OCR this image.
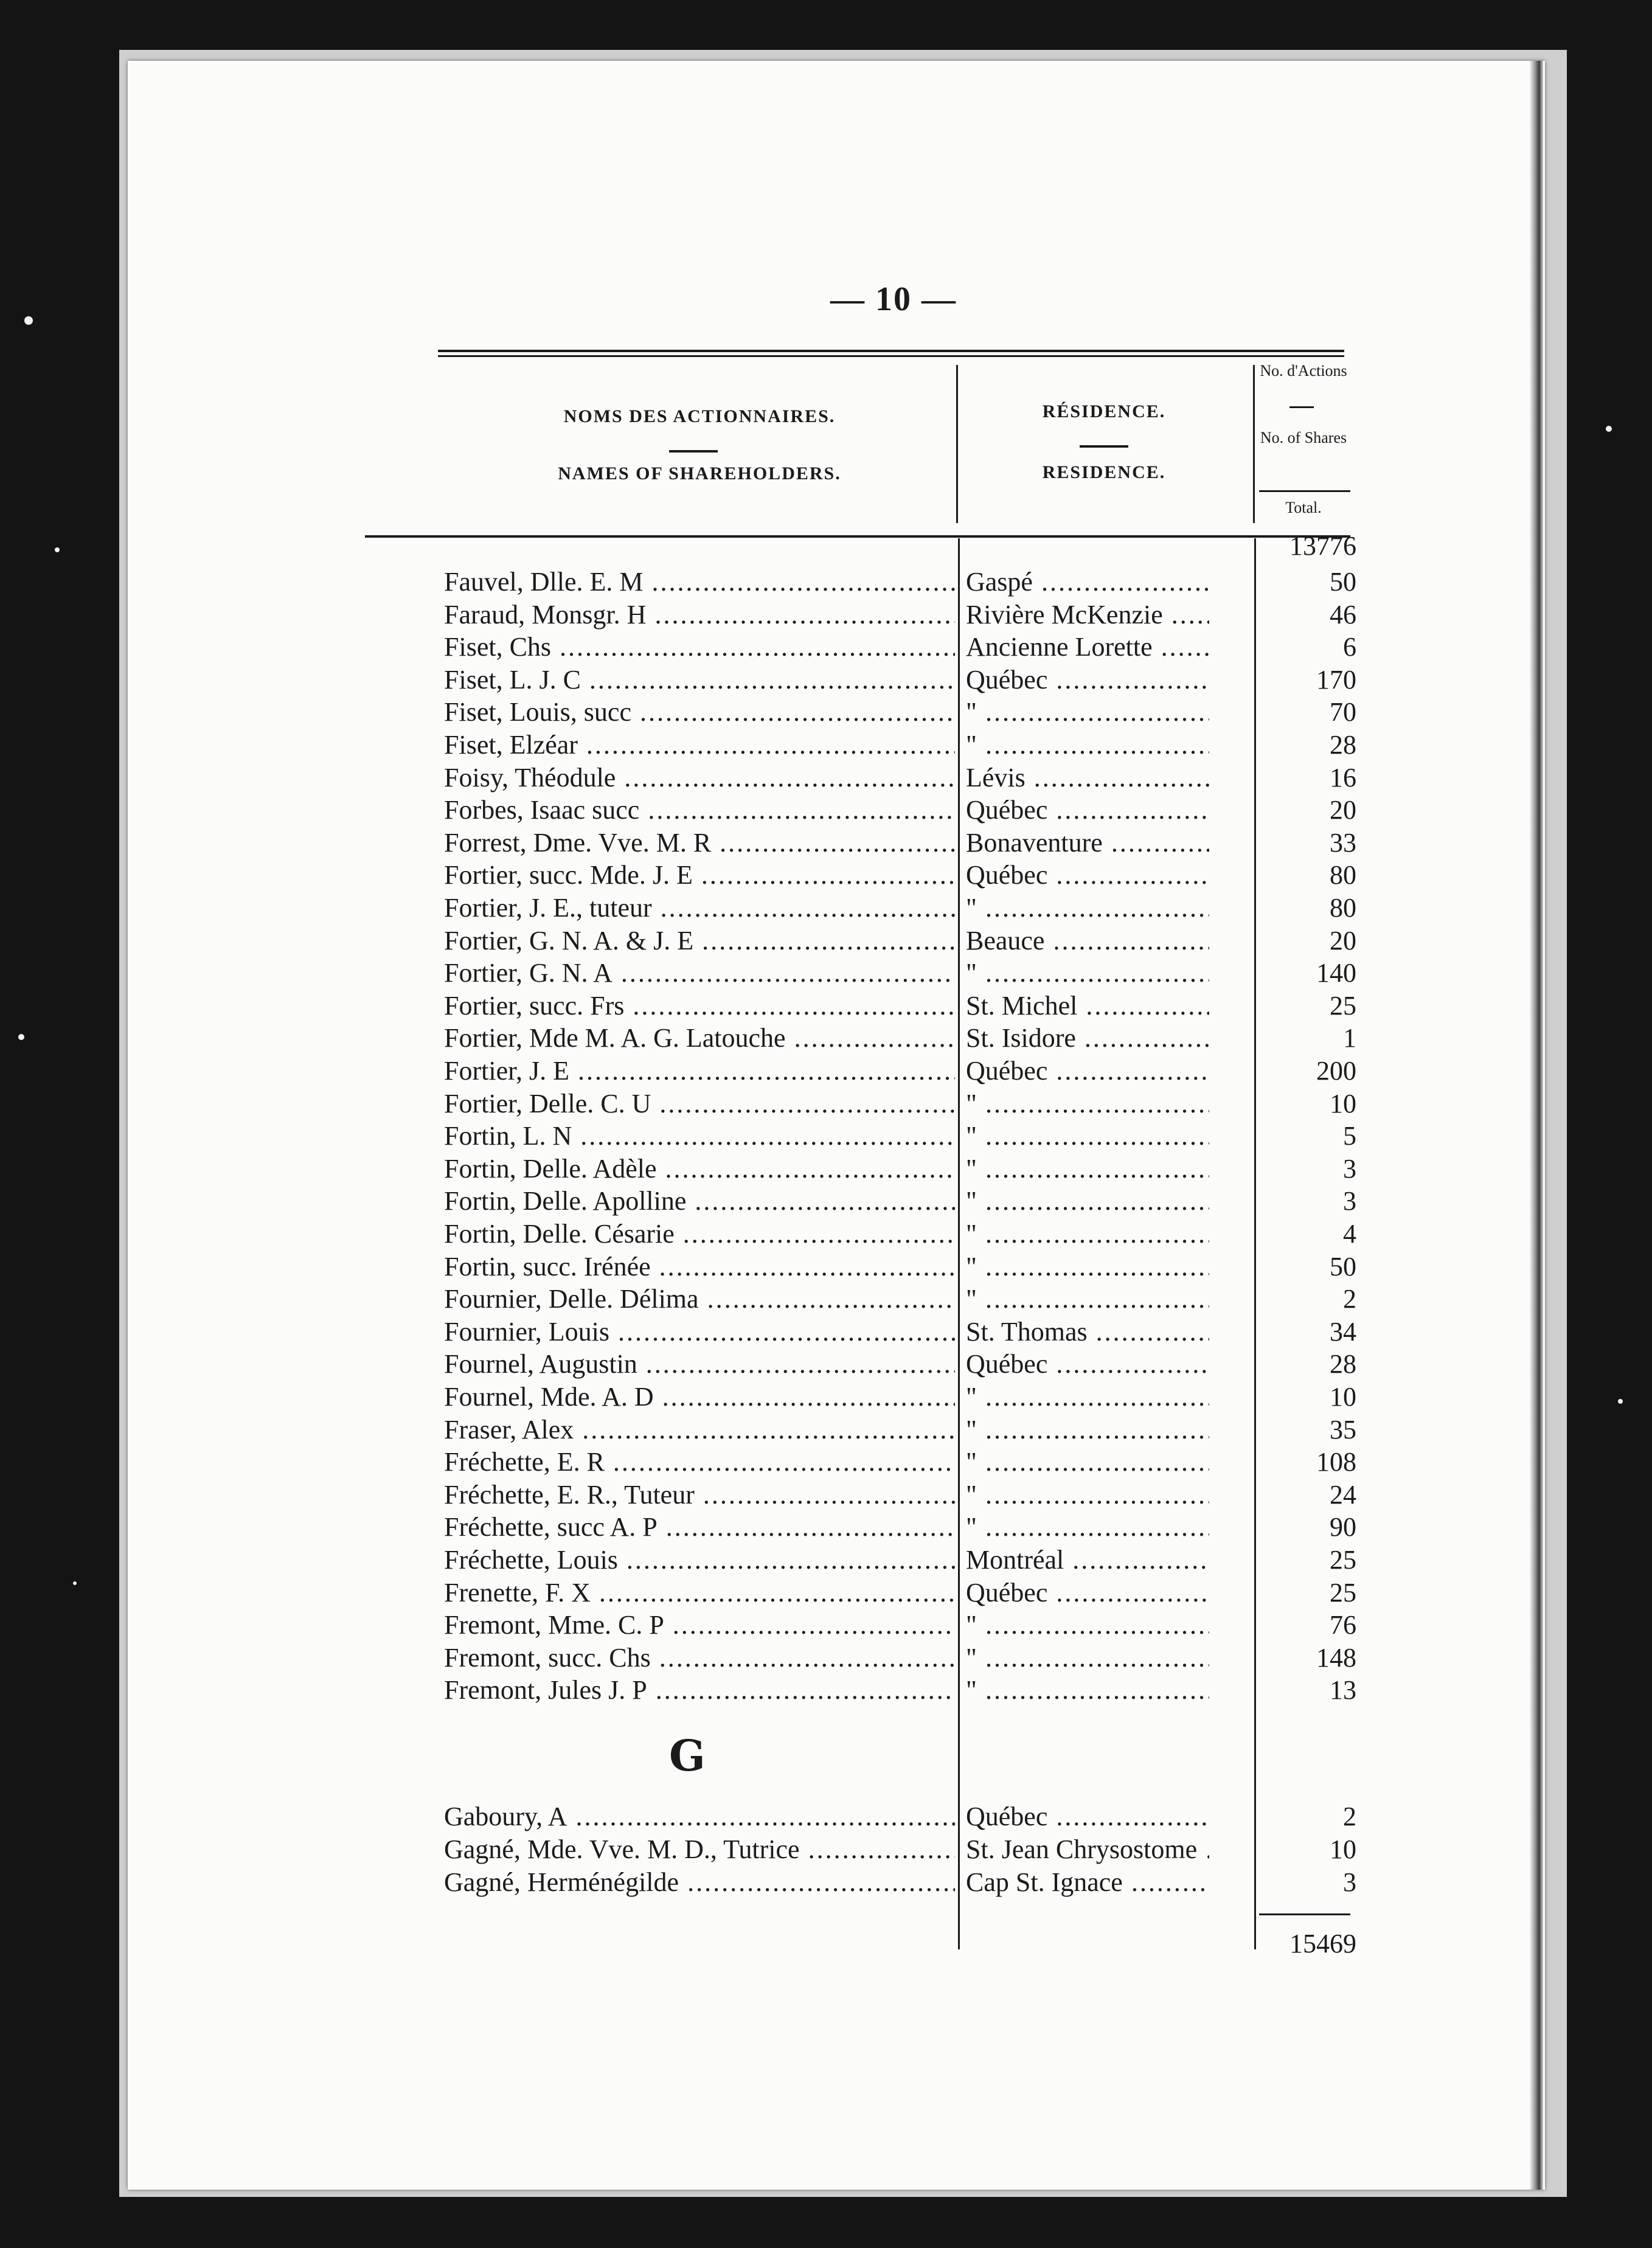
— 10 —
NOMS DES ACTIONNAIRES.
NAMES OF SHAREHOLDERS.
RÉSIDENCE.
RESIDENCE.
No. d'Actions
No. of Shares
Total.
13776
Fauvel, Dlle. E. M .....	Gaspé .....	50
Faraud, Monsgr. H .....	Rivière McKenzie .....	46
Fiset, Chs .....	Ancienne Lorette .....	6
Fiset, L. J. C .....	Québec .....	170
Fiset, Louis, succ .....	" .....	70
Fiset, Elzéar .....	" .....	28
Foisy, Théodule .....	Lévis .....	16
Forbes, Isaac succ .....	Québec .....	20
Forrest, Dme. Vve. M. R .....	Bonaventure .....	33
Fortier, succ. Mde. J. E .....	Québec .....	80
Fortier, J. E., tuteur .....	" .....	80
Fortier, G. N. A. & J. E .....	Beauce .....	20
Fortier, G. N. A .....	" .....	140
Fortier, succ. Frs .....	St. Michel .....	25
Fortier, Mde M. A. G. Latouche .....	St. Isidore .....	1
Fortier, J. E .....	Québec .....	200
Fortier, Delle. C. U .....	" .....	10
Fortin, L. N .....	" .....	5
Fortin, Delle. Adèle .....	" .....	3
Fortin, Delle. Apolline .....	" .....	3
Fortin, Delle. Césarie .....	" .....	4
Fortin, succ. Irénée .....	" .....	50
Fournier, Delle. Délima .....	" .....	2
Fournier, Louis .....	St. Thomas .....	34
Fournel, Augustin .....	Québec .....	28
Fournel, Mde. A. D .....	" .....	10
Fraser, Alex .....	" .....	35
Fréchette, E. R .....	" .....	108
Fréchette, E. R., Tuteur .....	" .....	24
Fréchette, succ A. P .....	" .....	90
Fréchette, Louis .....	Montréal .....	25
Frenette, F. X .....	Québec .....	25
Fremont, Mme. C. P .....	" .....	76
Fremont, succ. Chs .....	" .....	148
Fremont, Jules J. P .....	" .....	13
G
Gaboury, A .....	Québec .....	2
Gagné, Mde. Vve. M. D., Tutrice .....	St. Jean Chrysostome .....	10
Gagné, Herménégilde .....	Cap St. Ignace .....	3
15469
